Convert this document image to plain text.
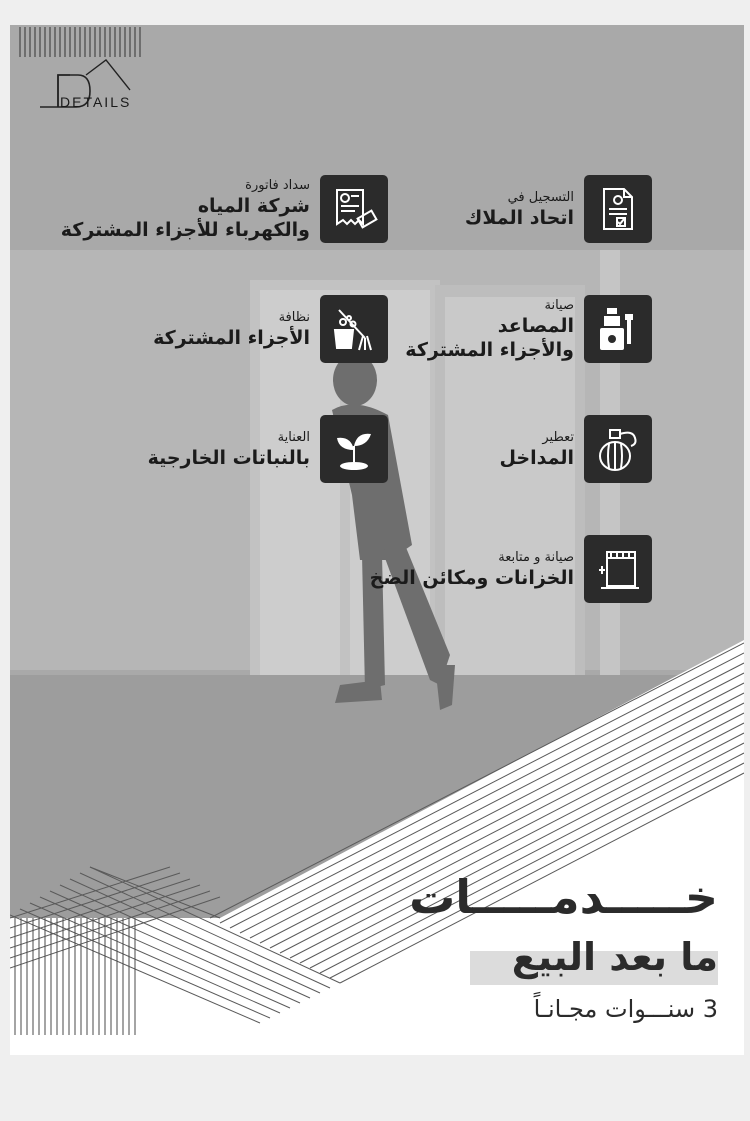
DETAILS
التسجيل في
اتحاد الملاك
سداد فاتورة
شركة المياه
والكهرباء للأجزاء المشتركة
صيانة
المصاعد
والأجزاء المشتركة
نظافة
الأجزاء المشتركة
تعطير
المداخل
العناية
بالنباتات الخارجية
صيانة و متابعة
الخزانات ومكائن الضخ
خـــــدمـــــات
ما بعد البيع
3 سنـــوات مجـانـاً
